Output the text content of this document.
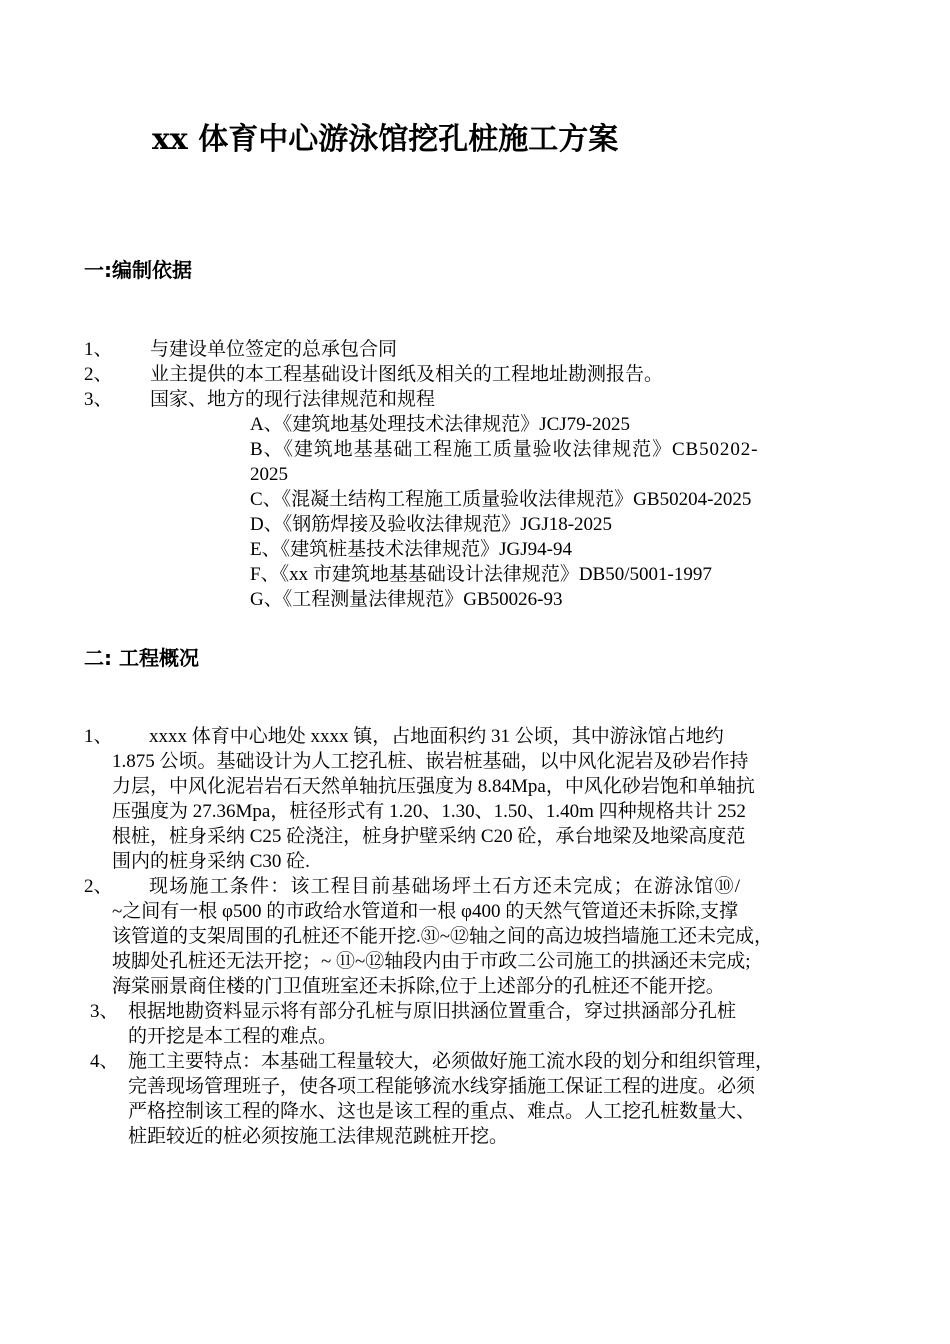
xx 体育中心游泳馆挖孔桩施工方案
一:编制依据
1、 与建设单位签定的总承包合同
2、 业主提供的本工程基础设计图纸及相关的工程地址勘测报告。
3、 国家、地方的现行法律规范和规程
A、《建筑地基处理技术法律规范》JCJ79-2025
B、《建筑地基基础工程施工质量验收法律规范》CB50202-
2025
C、《混凝土结构工程施工质量验收法律规范》GB50204-2025
D、《钢筋焊接及验收法律规范》JGJ18-2025
E、《建筑桩基技术法律规范》JGJ94-94
F、《xx 市建筑地基基础设计法律规范》DB50/5001-1997
G、《工程测量法律规范》GB50026-93
二: 工程概况
1、	xxxx 体育中心地处 xxxx 镇，占地面积约 31 公顷，其中游泳馆占地约
1.875 公顷。基础设计为人工挖孔桩、嵌岩桩基础，以中风化泥岩及砂岩作持
力层，中风化泥岩岩石天然单轴抗压强度为 8.84Mpa，中风化砂岩饱和单轴抗
压强度为 27.36Mpa，桩径形式有 1.20、1.30、1.50、1.40m 四种规格共计 252
根桩，桩身采纳 C25 砼浇注，桩身护壁采纳 C20 砼，承台地梁及地梁高度范
围内的桩身采纳 C30 砼.
2、	现场施工条件：该工程目前基础场坪土石方还未完成；在游泳馆⑩/
~之间有一根 φ500 的市政给水管道和一根 φ400 的天然气管道还未拆除,支撑
该管道的支架周围的孔桩还不能开挖.㉛~⑫轴之间的高边坡挡墙施工还未完成，
坡脚处孔桩还无法开挖；~ ⑪~⑫轴段内由于市政二公司施工的拱涵还未完成;
海棠丽景商住楼的门卫值班室还未拆除,位于上述部分的孔桩还不能开挖。
3、 根据地勘资料显示将有部分孔桩与原旧拱涵位置重合，穿过拱涵部分孔桩
的开挖是本工程的难点。
4、 施工主要特点：本基础工程量较大，必须做好施工流水段的划分和组织管理，
完善现场管理班子，使各项工程能够流水线穿插施工保证工程的进度。必须
严格控制该工程的降水、这也是该工程的重点、难点。人工挖孔桩数量大、
桩距较近的桩必须按施工法律规范跳桩开挖。
